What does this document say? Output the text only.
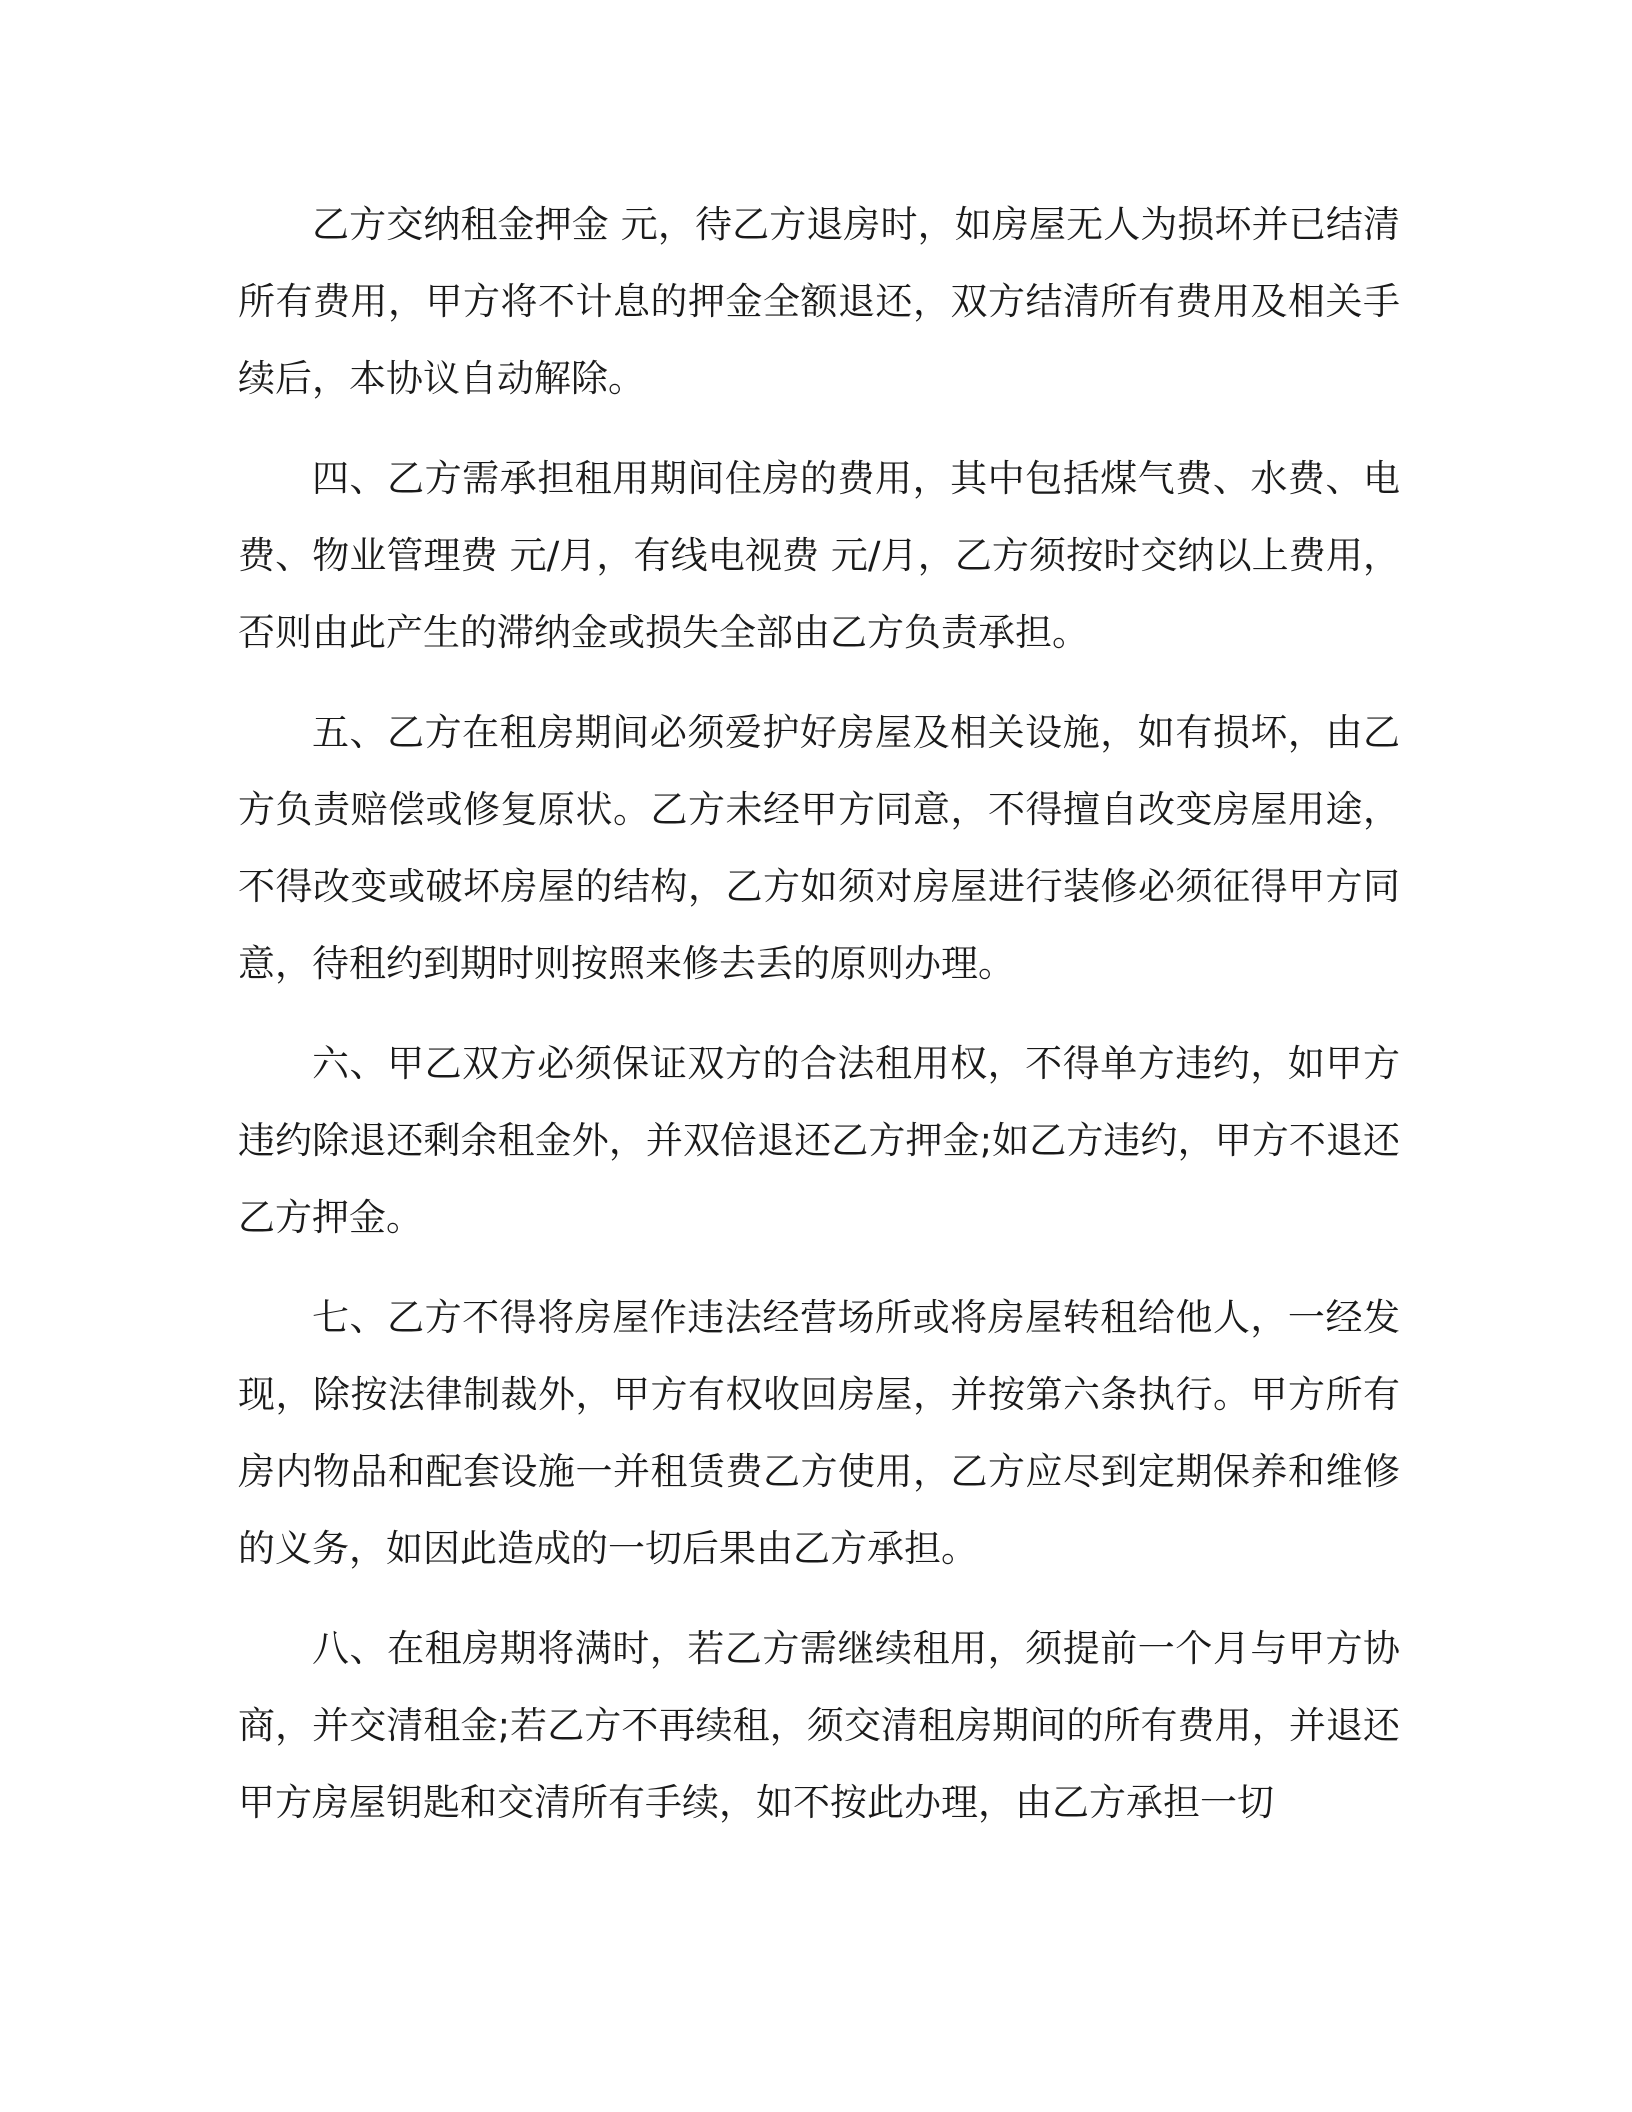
乙方交纳租金押金 元，待乙方退房时，如房屋无人为损坏并已结清所有费用，甲方将不计息的押金全额退还，双方结清所有费用及相关手续后，本协议自动解除。

四、乙方需承担租用期间住房的费用，其中包括煤气费、水费、电费、物业管理费 元/月，有线电视费 元/月，乙方须按时交纳以上费用，否则由此产生的滞纳金或损失全部由乙方负责承担。

五、乙方在租房期间必须爱护好房屋及相关设施，如有损坏，由乙方负责赔偿或修复原状。乙方未经甲方同意，不得擅自改变房屋用途，不得改变或破坏房屋的结构，乙方如须对房屋进行装修必须征得甲方同意，待租约到期时则按照来修去丢的原则办理。

六、甲乙双方必须保证双方的合法租用权，不得单方违约，如甲方违约除退还剩余租金外，并双倍退还乙方押金;如乙方违约，甲方不退还乙方押金。

七、乙方不得将房屋作违法经营场所或将房屋转租给他人，一经发现，除按法律制裁外，甲方有权收回房屋，并按第六条执行。甲方所有房内物品和配套设施一并租赁费乙方使用，乙方应尽到定期保养和维修的义务，如因此造成的一切后果由乙方承担。

八、在租房期将满时，若乙方需继续租用，须提前一个月与甲方协商，并交清租金;若乙方不再续租，须交清租房期间的所有费用，并退还甲方房屋钥匙和交清所有手续，如不按此办理，由乙方承担一切
